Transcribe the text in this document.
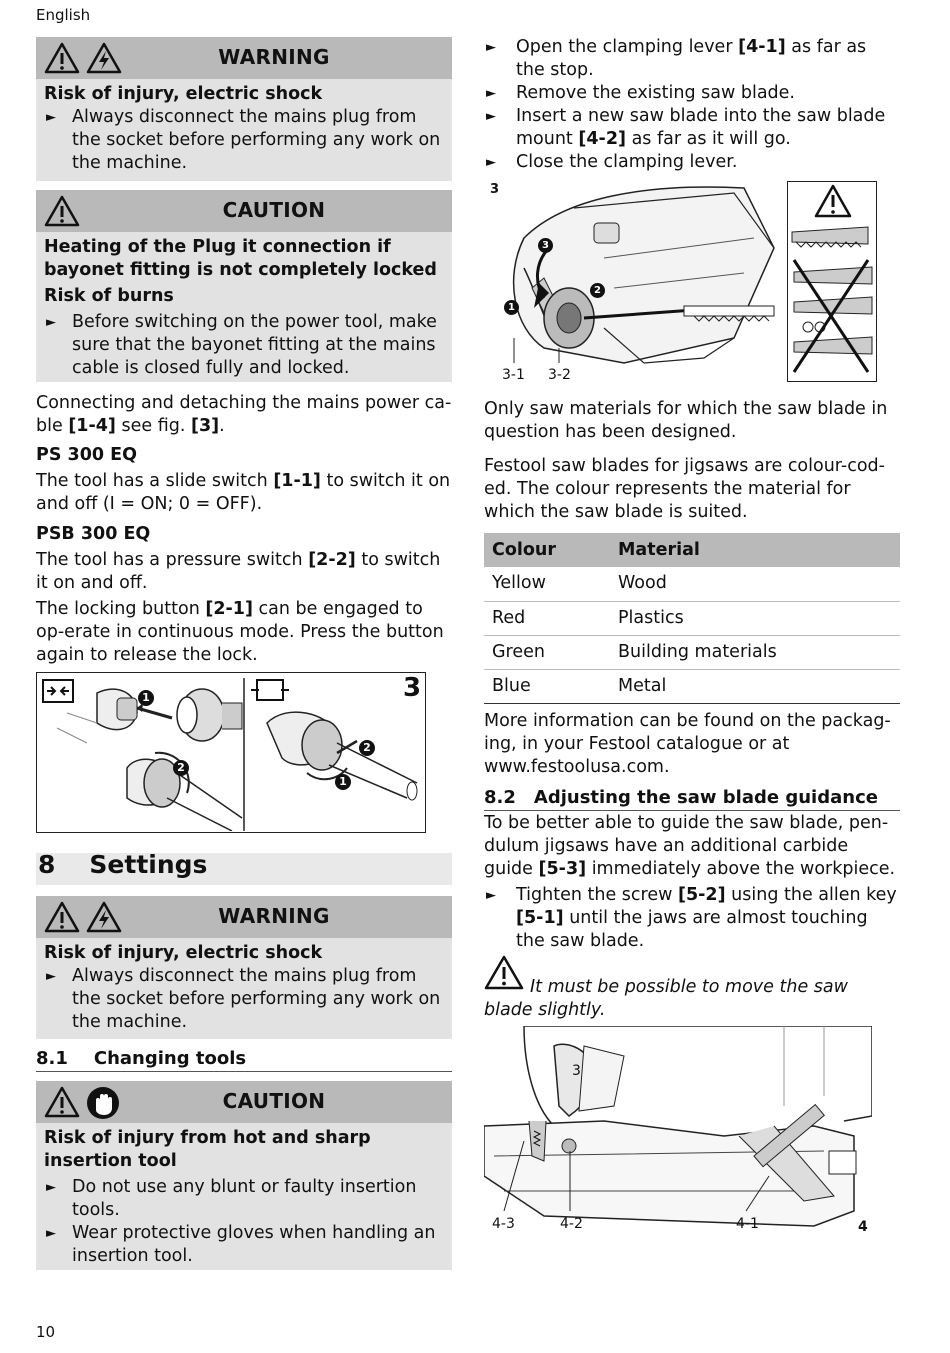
English
10
WARNING

Risk of injury, electric shock

► Always disconnect the mains plug from the socket before performing any work on the machine.

CAUTION

Heating of the Plug it connection if bayonet fitting is not completely locked

Risk of burns

► Before switching on the power tool, make sure that the bayonet fitting at the mains cable is closed fully and locked.

Connecting and detaching the mains power ca-ble [1-4] see fig. [3].
PS 300 EQ
The tool has a slide switch [1-1] to switch it on and off (I = ON; 0 = OFF).
PSB 300 EQ
The tool has a pressure switch [2-2] to switch it on and off.
The locking button [2-1] can be engaged to op-erate in continuous mode. Press the button again to release the lock.
3
1
2
2
1
8 Settings
WARNING

Risk of injury, electric shock

► Always disconnect the mains plug from the socket before performing any work on the machine.

8.1 Changing tools
CAUTION

Risk of injury from hot and sharp insertion tool

► Do not use any blunt or faulty insertion tools.

► Wear protective gloves when handling an insertion tool.

► Open the clamping lever [4-1] as far as the stop.

► Remove the existing saw blade.

► Insert a new saw blade into the saw blade mount [4-2] as far as it will go.

► Close the clamping lever.

3
3-1 3-2
1
2
3
Only saw materials for which the saw blade in question has been designed.
Festool saw blades for jigsaws are colour-cod-ed. The colour represents the material for which the saw blade is suited.
Colour	Material
Yellow	Wood
Red	Plastics
Green	Building materials
Blue	Metal
More information can be found on the packag-ing, in your Festool catalogue or at www.festoolusa.com.
8.2 Adjusting the saw blade guidance
To be better able to guide the saw blade, pen-dulum jigsaws have an additional carbide guide [5-3] immediately above the workpiece.

► Tighten the screw [5-2] using the allen key [5-1] until the jaws are almost touching the saw blade.

It must be possible to move the saw blade slightly.
4-3	4-2	4-1	4
3
